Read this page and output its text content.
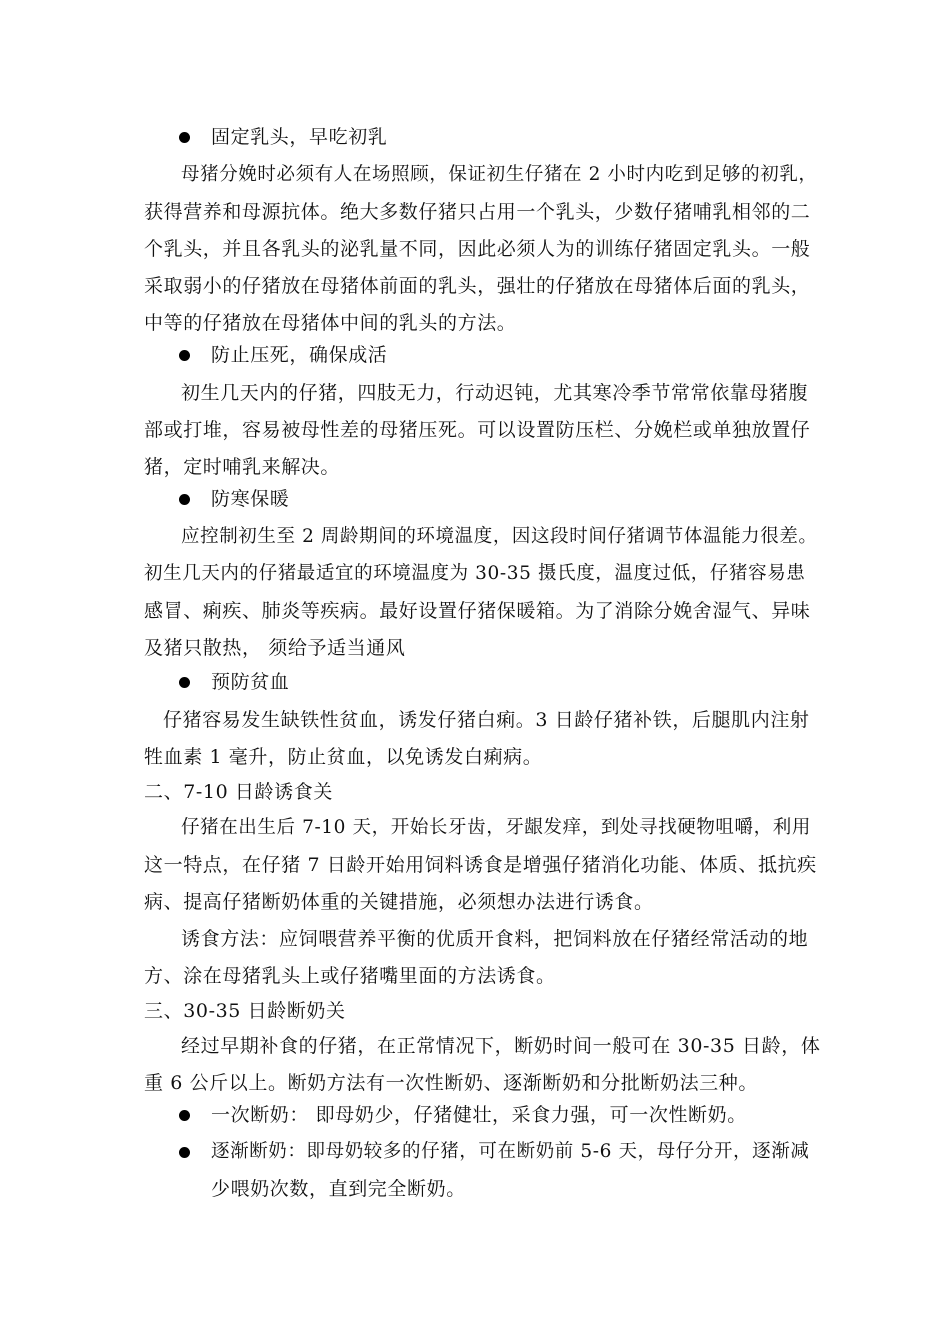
固定乳头，早吃初乳
母猪分娩时必须有人在场照顾，保证初生仔猪在 2 小时内吃到足够的初乳，
获得营养和母源抗体。绝大多数仔猪只占用一个乳头，少数仔猪哺乳相邻的二
个乳头，并且各乳头的泌乳量不同，因此必须人为的训练仔猪固定乳头。一般
采取弱小的仔猪放在母猪体前面的乳头，强壮的仔猪放在母猪体后面的乳头，
中等的仔猪放在母猪体中间的乳头的方法。
防止压死，确保成活
初生几天内的仔猪，四肢无力，行动迟钝，尤其寒冷季节常常依靠母猪腹
部或打堆，容易被母性差的母猪压死。可以设置防压栏、分娩栏或单独放置仔
猪，定时哺乳来解决。
防寒保暖
应控制初生至 2 周龄期间的环境温度，因这段时间仔猪调节体温能力很差。
初生几天内的仔猪最适宜的环境温度为 30-35 摄氏度，温度过低，仔猪容易患
感冒、痢疾、肺炎等疾病。最好设置仔猪保暖箱。为了消除分娩舍湿气、异味
及猪只散热， 须给予适当通风
预防贫血
仔猪容易发生缺铁性贫血，诱发仔猪白痢。3 日龄仔猪补铁，后腿肌内注射
牲血素 1 毫升，防止贫血，以免诱发白痢病。
二、7-10 日龄诱食关
仔猪在出生后 7-10 天，开始长牙齿，牙龈发痒，到处寻找硬物咀嚼，利用
这一特点，在仔猪 7 日龄开始用饲料诱食是增强仔猪消化功能、体质、抵抗疾
病、提高仔猪断奶体重的关键措施，必须想办法进行诱食。
诱食方法：应饲喂营养平衡的优质开食料，把饲料放在仔猪经常活动的地
方、涂在母猪乳头上或仔猪嘴里面的方法诱食。
三、30-35 日龄断奶关
经过早期补食的仔猪，在正常情况下，断奶时间一般可在 30-35 日龄，体
重 6 公斤以上。断奶方法有一次性断奶、逐渐断奶和分批断奶法三种。
一次断奶： 即母奶少，仔猪健壮，采食力强，可一次性断奶。
逐渐断奶：即母奶较多的仔猪，可在断奶前 5-6 天，母仔分开，逐渐减
少喂奶次数，直到完全断奶。
